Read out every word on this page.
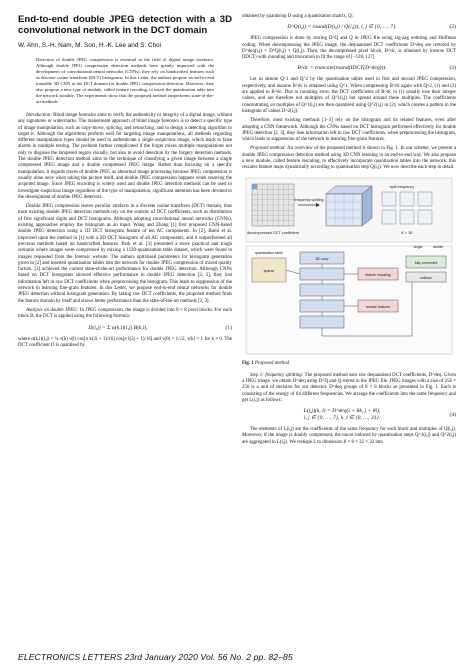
End-to-end double JPEG detection with a 3D convolutional network in the DCT domain
W. Ahn, S.-H. Nam, M. Son, H.-K. Lee and S. Choi
Detection of double JPEG compression is essential in the field of digital image forensics. Although double JPEG compression detection methods have greatly improved with the development of convolutional neural networks (CNNs), they rely on handcrafted features such as discrete cosine transform (DCT) histograms. In this Letter, the authors propose an end-to-end trainable 3D CNN in the DCT domain for double JPEG compression detection. Moreover, they also propose a new type of module, called feature rescaling, to insert the quantisation table into the network suitably. The experiments show that the proposed method outperforms state-of-the-art methods.

Introduction: Blind image forensics aims to verify the authenticity or integrity of a digital image, without any signatures or watermarks. The mainstream approach of blind image forensics is to detect a specific type of image manipulation, such as copy-move, splicing, and retouching, and to design a detecting algorithm to target it. Although the algorithms perform well for targeting image manipulations, all methods regarding different manipulation types should be used to authenticate a single suspicious image, which leads to false alarms in multiple testing. The problem further complicated if the forger mixes multiple manipulations not only to disguise the tampered region visually, but also to avoid detection by the forgery detection methods. The double JPEG detection method aims to the technique of classifying a given image between a single compressed JPEG image and a double compressed JPEG image. Rather than focusing on a specific manipulation, it regards traces of double JPEG as abnormal image processing because JPEG compression is usually done once when taking the picture itself, and double JPEG compression happens when resaving the acquired image. Since JPEG encoding is widely used and double JPEG detection methods can be used to investigate suspicious image regardless of the type of manipulation, significant attention has been devoted to the development of double JPEG detectors.

Double JPEG compression leaves peculiar artefacts in a discrete cosine transform (DCT) domain, thus most existing double JPEG detection methods rely on the statistic of DCT coefficients, such as distribution of first significant digits and DCT histograms. Although adopting convolutional neural networks (CNNs), existing approaches employ the histogram as an input. Wang and Zhang [1] first proposed CNN-based double JPEG detection using a 1D DCT histogram feature of ten AC components. In [2], Barni et al. improved upon the method in [1] with a 2D DCT histogram of all AC components, and it outperformed all previous methods based on handcrafted features. Park et al. [3] presented a more practical and tough scenario where images were compressed by mixing a 1120-quantisation table dataset, which were found in images requested from the forensic website. The authors optimised parameters for histogram generation given in [2] and inserted quantisation tables into the network for double JPEG compression of mixed quality factors. [3] achieved the current state-of-the-art performance for double JPEG detection. Although CNNs based on DCT histograms showed effective performance in double JPEG detection [2, 3], they lost information left in raw DCT coefficients when preprocessing the histogram. This leads to suppression of the network in learning fine-grain features. In this Letter, we propose end-to-end neural networks for double JPEG detection without histogram generation. By taking raw DCT coefficients, the proposed method finds the feature domain by itself and shows better performance than the state-of-the-art methods [2, 3].

Analysis on double JPEG: In JPEG compression, the image is divided into 8 × 8 pixel blocks. For each block B, the DCT is applied using the following formula:

D(i,j) = Σ α(k,l)(i,j) B(k,l),	(1)

where α(k,l)(i,j) = ¼ ν(k) ν(l) cos[π k(2i + 1)/16] cos[π l(2j + 1)/16] and ν(0) = 1/√2, ν(k) = 1 for k ≠ 0. The DCT coefficient D is quantised by

obtained by quantising D using a quantisation matrix, Q:

D^Q(i,j) = round(D(i,j) / Q(i,j)), i, j ∈ {0, …, 7}.	(2)

JPEG compression is done by storing D^Q and Q in JPEG file using zig-zag ordering and Huffman coding. When decompressing the JPEG image, the dequantised DCT coefficients D^deq are restored by D^deq(i,j) = D^Q(i,j) × Q(i,j). Then, the decompressed pixel block, B^dc, is obtained by inverse DCT (IDCT) with rounding and truncation to fit the range of [−128, 127]

B^dc = truncate(round(IDCT(D^deq))).	(3)

Let us denote Q^1 and Q^2 by the quantisation tables used in first and second JPEG compression, respectively, and assume B^dc is obtained using Q^1. When compressing B^dc again with Q^2, (1) and (2) are applied to B^dc. Due to rounding error, the DCT coefficients of B^dc in (1) usually lose their integer values, and are therefore not multiples of Q^1(i,j) but spread around these multiples. The coefficients concentrating on multiples of Q^1(i,j) are then quantised using Q^2(i,j) in (2), which creates a pattern in the histogram of values D^2(i,j).

Therefore, most existing methods [1–3] rely on the histogram and its related features, even after adopting a CNN framework. Although the CNNs based on DCT histogram performed effectively for double JPEG detection [2, 3], they lose information left in raw DCT coefficients, when preprocessing the histogram, which leads to suppression of the network in learning fine-grain features.

Proposed method: An overview of the proposed method is shown in Fig. 1. In our scheme, we present a double JPEG compression detection method using 3D CNN learning in an end-to-end way. We also propose a new module, called feature rescaling, to effectively incorporate quantisation tables into the network; this rescales feature maps dynamically according to quantisation step Q(i,j). We now describe each step in detail.

decompressed DCT coefficient
frequency splitting
split frequency
K = 30
quantisation table
sparse
3D conv
feature rescaling
rescale features
fully connected
softmax
single	double
Fig. 1 Proposed method

Step 1: frequency splitting: The proposed method uses raw dequantised DCT coefficients, D^deq. Given a JPEG image, we obtain D^deq using D^Q and Q stored in the JPEG file. JPEG images with a size of 256 × 256 is a unit of decision for our detector. D^deq groups of 8 × 8 blocks as presented in Fig. 1. Each is consisting of the energy of 64 different frequencies. We arrange the coefficients into the same frequency and get L(i,j) as follows:

L(i,j)(k, l) = D^deq(i + 8k, j + 8l),
i, j ∈ {0, …, 7}, k, l ∈ {0, …, 31}.
(4)

The elements of L(i,j) are the coefficients of the same frequency for each block and multiples of Q(i,j). Moreover, if the image is doubly compressed, the traces induced by quantisation steps Q^1(i,j) and Q^2(i,j) are aggregated in L(i,j). We reshape L to dimension 8 × 8 × 32 × 32 into

ELECTRONICS LETTERS 23rd January 2020 Vol. 56 No. 2 pp. 82–85
